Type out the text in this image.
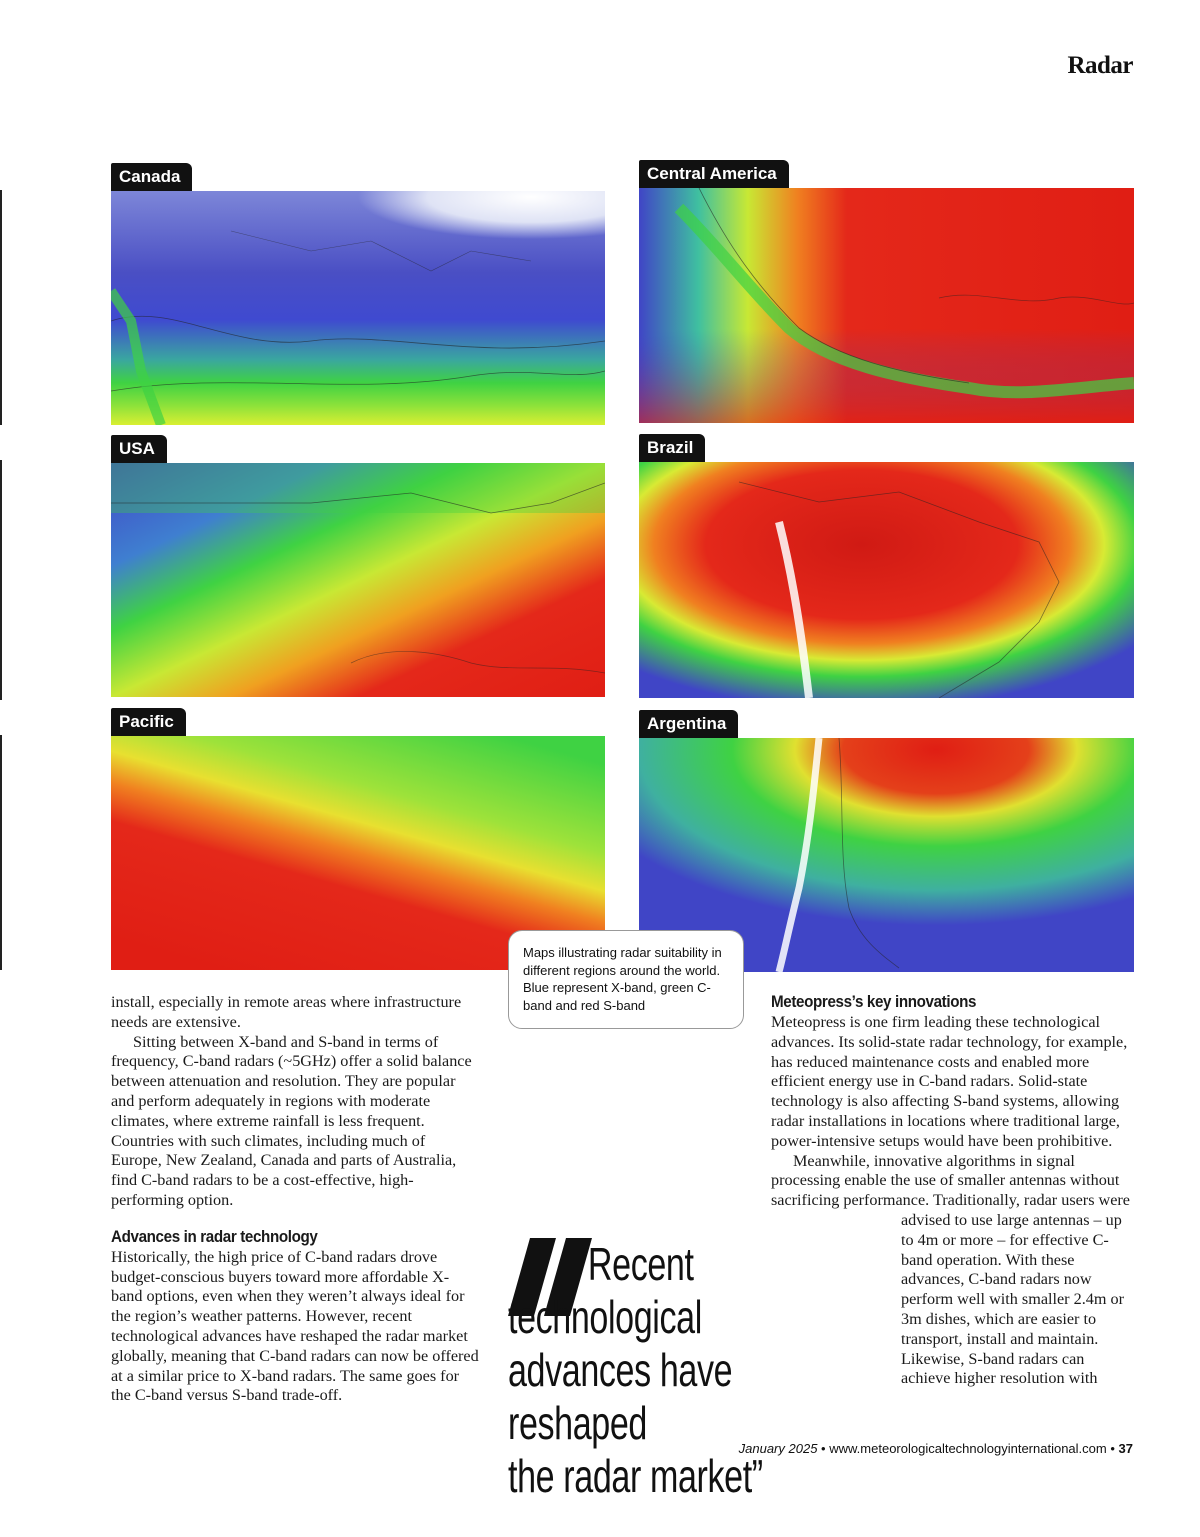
Radar
Canada	Central America
USA	Brazil
Pacific	Argentina
Maps illustrating radar suitability in different regions around the world. Blue represent X-band, green C-band and red S-band

install, especially in remote areas where infrastructure needs are extensive.

Sitting between X-band and S-band in terms of frequency, C-band radars (~5GHz) offer a solid balance between attenuation and resolution. They are popular and perform adequately in regions with moderate climates, where extreme rainfall is less frequent. Countries with such climates, including much of Europe, New Zealand, Canada and parts of Australia, find C-band radars to be a cost-effective, high-performing option.

Advances in radar technology

Historically, the high price of C-band radars drove budget-conscious buyers toward more affordable X-band options, even when they weren’t always ideal for the region’s weather patterns. However, recent technological advances have reshaped the radar market globally, meaning that C-band radars can now be offered at a similar price to X-band radars. The same goes for the C-band versus S-band trade-off.

Recent technological
advances have reshaped
the radar market”
Meteopress’s key innovations

Meteopress is one firm leading these technological advances. Its solid-state radar technology, for example, has reduced maintenance costs and enabled more efficient energy use in C-band radars. Solid-state technology is also affecting S-band systems, allowing radar installations in locations where traditional large, power-intensive setups would have been prohibitive.

Meanwhile, innovative algorithms in signal processing enable the use of smaller antennas without sacrificing performance. Traditionally, radar users were advised to use large antennas – up to 4m or more – for effective C-band operation. With these advances, C-band radars now perform well with smaller 2.4m or 3m dishes, which are easier to transport, install and maintain. Likewise, S-band radars can achieve higher resolution with

January 2025 • www.meteorologicaltechnologyinternational.com • 37
